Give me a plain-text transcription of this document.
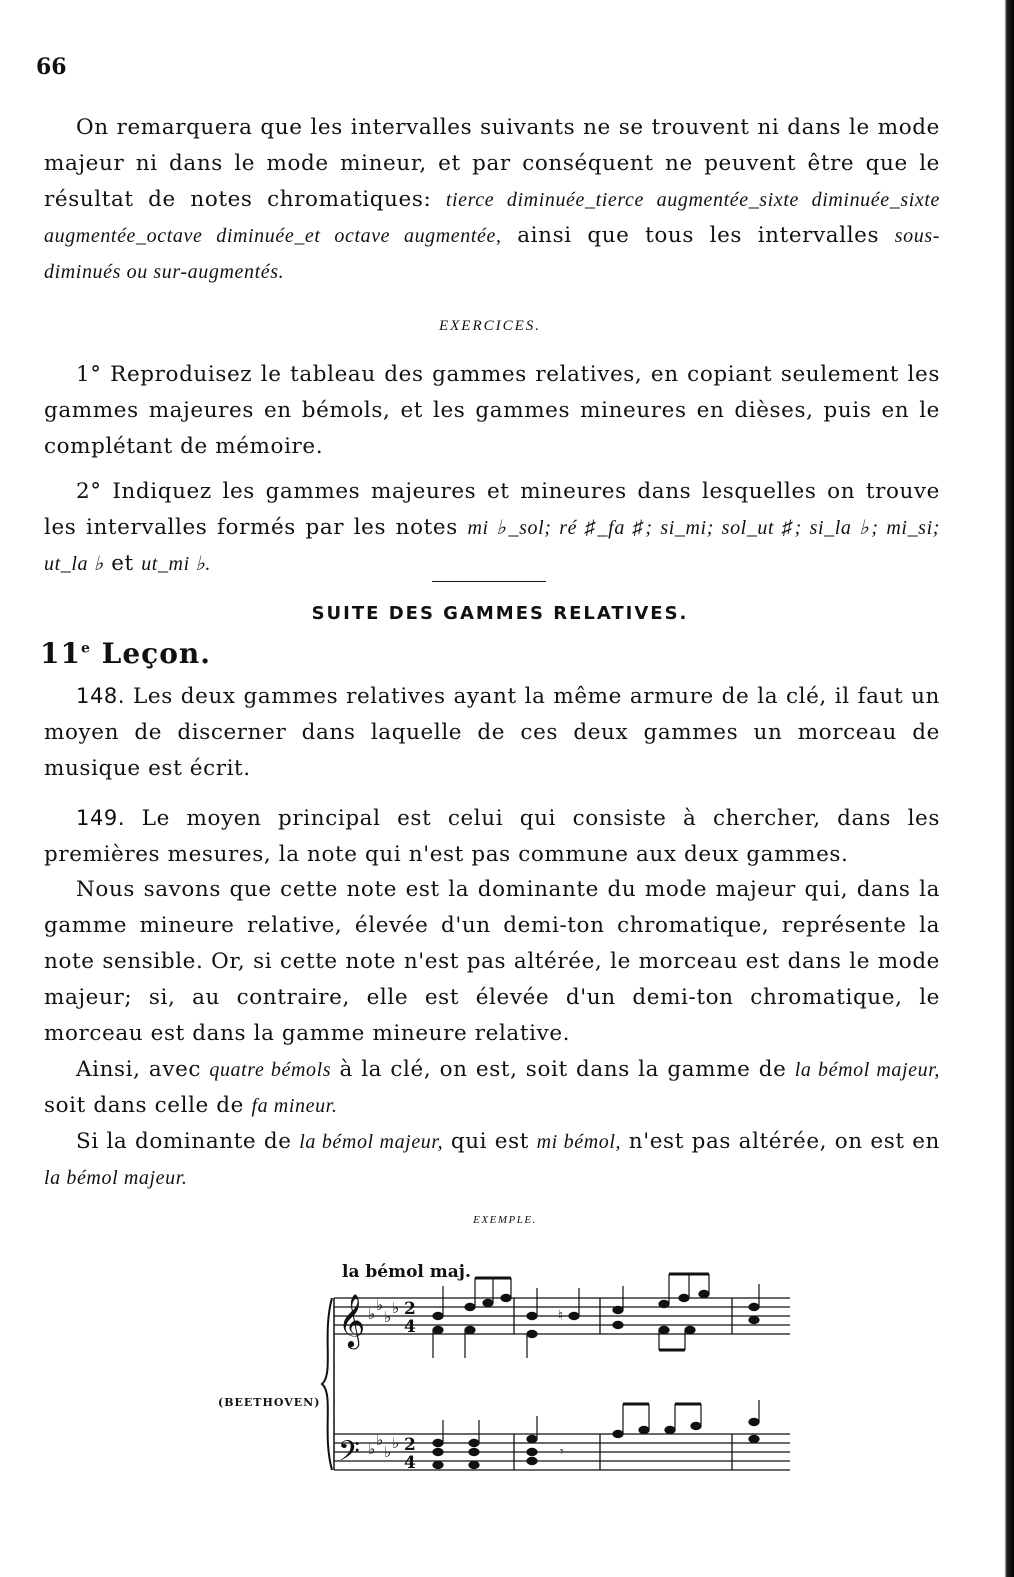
66

On remarquera que les intervalles suivants ne se trouvent ni dans le mode majeur ni dans le mode mineur, et par conséquent ne peuvent être que le résultat de notes chromatiques: tierce diminuée_tierce augmentée_sixte diminuée_sixte augmentée_octave diminuée_et octave augmentée, ainsi que tous les intervalles sous-diminués ou sur-augmentés.

EXERCICES.

1° Reproduisez le tableau des gammes relatives, en copiant seulement les gammes majeures en bémols, et les gammes mineures en dièses, puis en le complétant de mémoire.

2° Indiquez les gammes majeures et mineures dans lesquelles on trouve les intervalles formés par les notes mi ♭_sol; ré ♯_fa ♯; si_mi; sol_ut ♯; si_la ♭; mi_si; ut_la ♭ et ut_mi ♭.

SUITE DES GAMMES RELATIVES.
11e Leçon.

148. Les deux gammes relatives ayant la même armure de la clé, il faut un moyen de discerner dans laquelle de ces deux gammes un morceau de musique est écrit.

149. Le moyen principal est celui qui consiste à chercher, dans les premières mesures, la note qui n'est pas commune aux deux gammes.

Nous savons que cette note est la dominante du mode majeur qui, dans la gamme mineure relative, élevée d'un demi-ton chromatique, représente la note sensible. Or, si cette note n'est pas altérée, le morceau est dans le mode majeur; si, au contraire, elle est élevée d'un demi-ton chromatique, le morceau est dans la gamme mineure relative.

Ainsi, avec quatre bémols à la clé, on est, soit dans la gamme de la bémol majeur, soit dans celle de fa mineur.

Si la dominante de la bémol majeur, qui est mi bémol, n'est pas altérée, on est en la bémol majeur.

EXEMPLE.
la bémol maj.
(BEETHOVEN)
𝄞
𝄢
♭ ♭
♭ ♭
♭ ♭
♭ ♭
2
4
2
4
♮
𝄾
